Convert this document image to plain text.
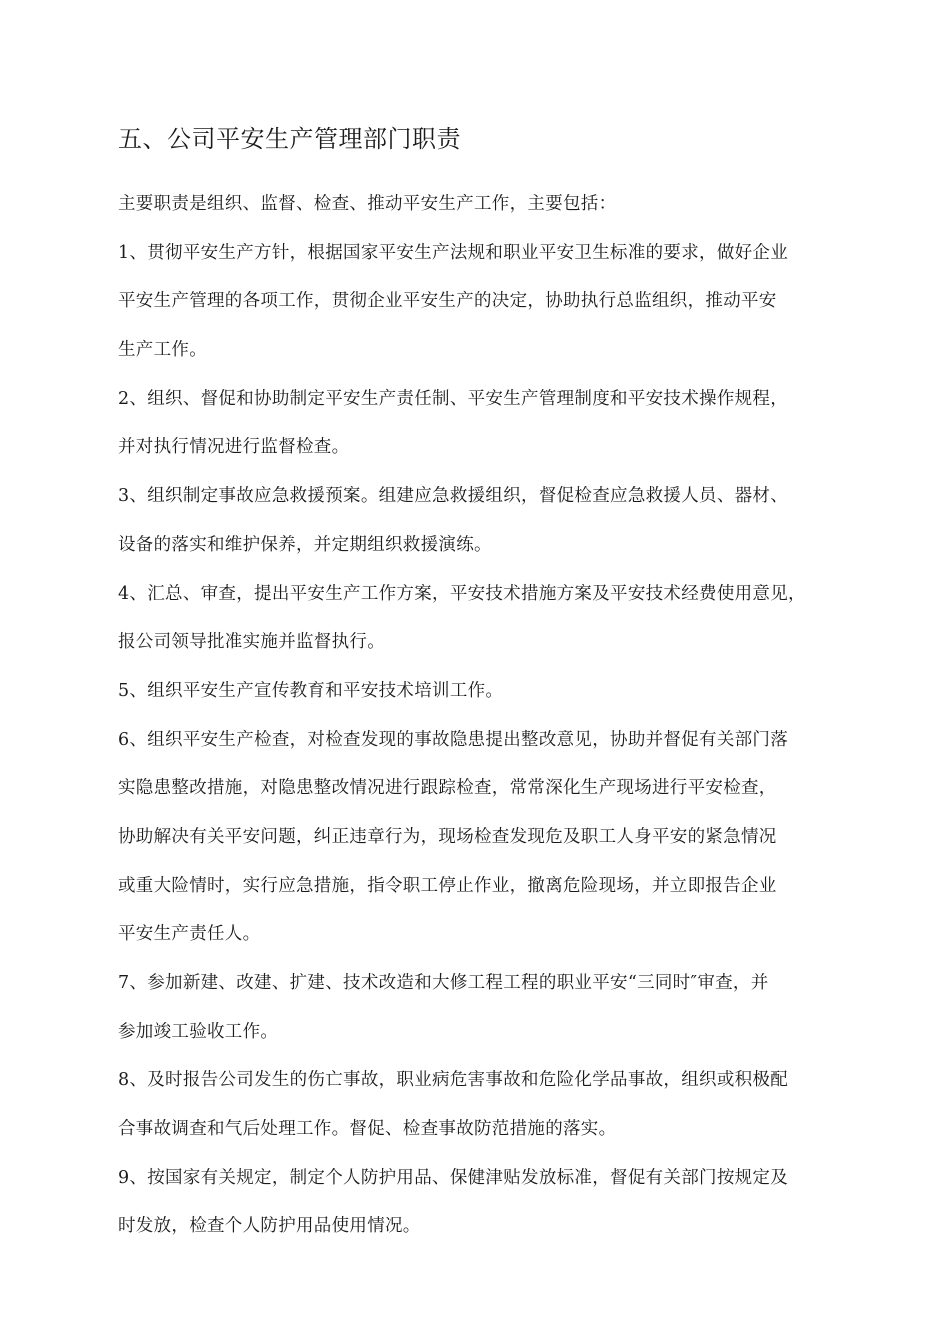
五、公司平安生产管理部门职责
主要职责是组织、监督、检查、推动平安生产工作，主要包括：
1、贯彻平安生产方针，根据国家平安生产法规和职业平安卫生标准的要求，做好企业
平安生产管理的各项工作，贯彻企业平安生产的决定，协助执行总监组织，推动平安
生产工作。
2、组织、督促和协助制定平安生产责任制、平安生产管理制度和平安技术操作规程，
并对执行情况进行监督检查。
3、组织制定事故应急救援预案。组建应急救援组织，督促检查应急救援人员、器材、
设备的落实和维护保养，并定期组织救援演练。
4、汇总、审查，提出平安生产工作方案，平安技术措施方案及平安技术经费使用意见，
报公司领导批准实施并监督执行。
5、组织平安生产宣传教育和平安技术培训工作。
6、组织平安生产检查，对检查发现的事故隐患提出整改意见，协助并督促有关部门落
实隐患整改措施，对隐患整改情况进行跟踪检查，常常深化生产现场进行平安检查，
协助解决有关平安问题，纠正违章行为，现场检查发现危及职工人身平安的紧急情况
或重大险情时，实行应急措施，指令职工停止作业，撤离危险现场，并立即报告企业
平安生产责任人。
7、参加新建、改建、扩建、技术改造和大修工程工程的职业平安“三同时″审查，并
参加竣工验收工作。
8、及时报告公司发生的伤亡事故，职业病危害事故和危险化学品事故，组织或积极配
合事故调查和气后处理工作。督促、检查事故防范措施的落实。
9、按国家有关规定，制定个人防护用品、保健津贴发放标准，督促有关部门按规定及
时发放，检查个人防护用品使用情况。
